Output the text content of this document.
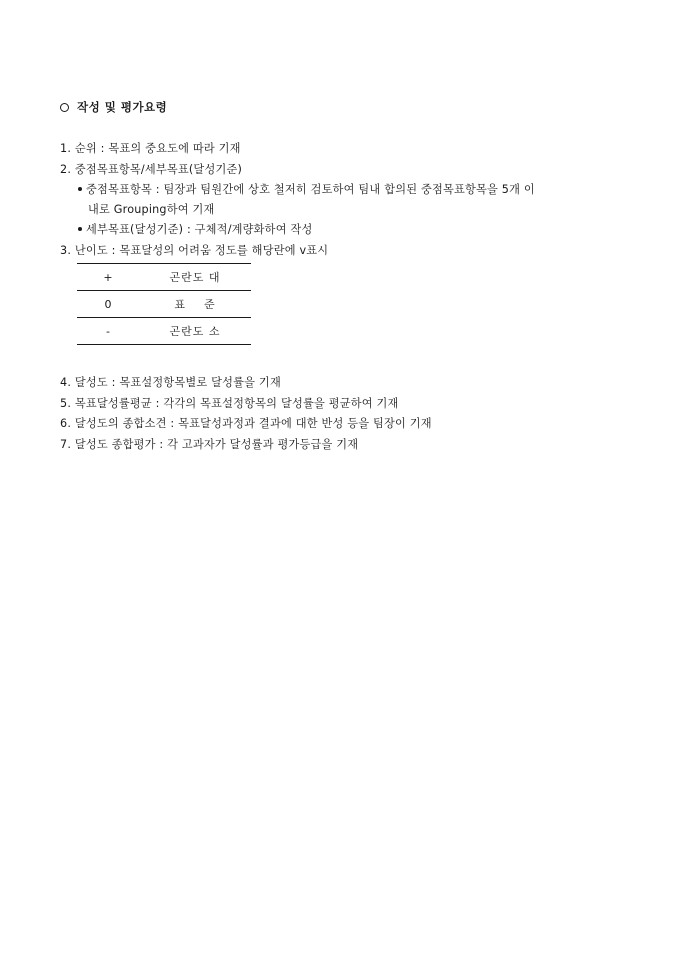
작성 및 평가요령
1. 순위 : 목표의 중요도에 따라 기재
2. 중점목표항목/세부목표(달성기준)
중점목표항목 : 팀장과 팀원간에 상호 철저히 검토하여 팀내 합의된 중점목표항목을 5개 이
내로 Grouping하여 기재
세부목표(달성기준) : 구체적/계량화하여 작성
3. 난이도 : 목표달성의 어려움 정도를 해당란에 v표시
+	곤란도 대
0	표    준
-	곤란도 소
4. 달성도 : 목표설정항목별로 달성률을 기재
5. 목표달성률평균 : 각각의 목표설정항목의 달성률을 평균하여 기재
6. 달성도의 종합소견 : 목표달성과정과 결과에 대한 반성 등을 팀장이 기재
7. 달성도 종합평가 : 각 고과자가 달성률과 평가등급을 기재
